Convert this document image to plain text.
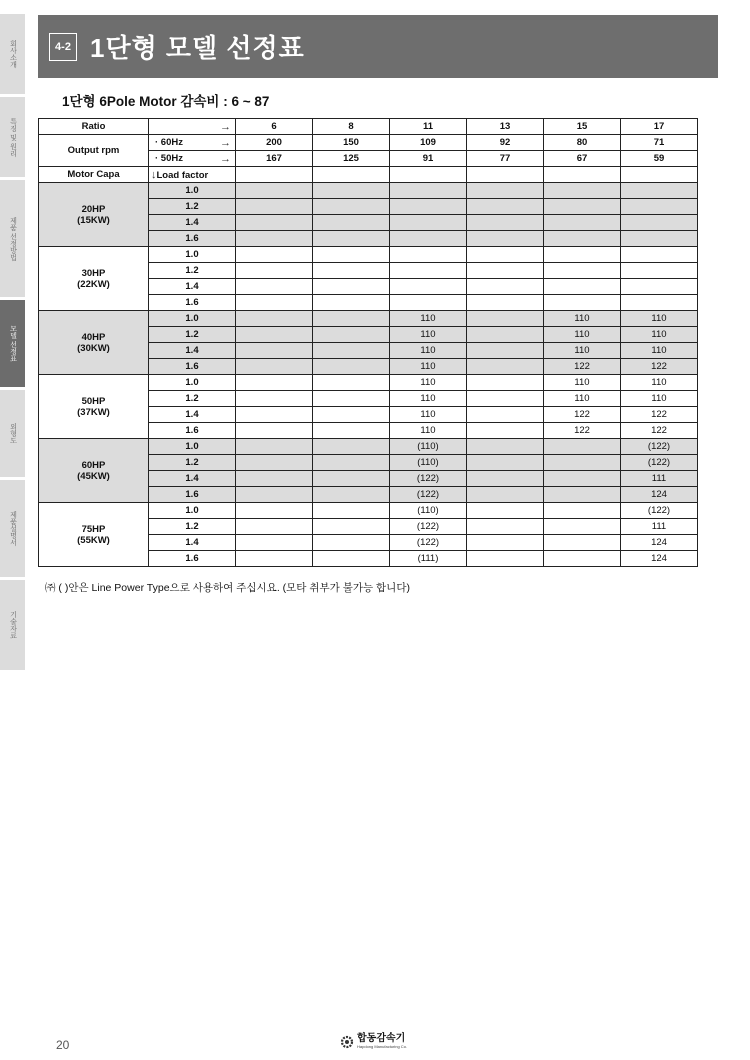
회사소개
특징 및 원리
제품 선정방법
모델 선정표
외형도
제품설명서
기술자료
4-2 1단형 모델 선정표
1단형 6Pole Motor 감속비 : 6 ~ 87
Ratio	→	6	8	11	13	15	17
Output rpm	· 60Hz →	200	150	109	92	80	71
	· 50Hz →	167	125	91	77	67	59
Motor Capa	↓Load factor						

20HP
(15KW)	1.0						
	1.2						
	1.4						
	1.6						

30HP
(22KW)	1.0						
	1.2						
	1.4						
	1.6						

40HP
(30KW)	1.0			110		110	110
	1.2			110		110	110
	1.4			110		110	110
	1.6			110		122	122

50HP
(37KW)	1.0			110		110	110
	1.2			110		110	110
	1.4			110		122	122
	1.6			110		122	122

60HP
(45KW)	1.0			(110)			(122)
	1.2			(110)			(122)
	1.4			(122)			111
	1.6			(122)			124

75HP
(55KW)	1.0			(110)			(122)
	1.2			(122)			111
	1.4			(122)			124
	1.6			(111)			124
㈜ ( )안은 Line Power Type으로 사용하여 주십시요. (모타 취부가 불가능 합니다)
20	합동감속기
Hapdong Manufacturing Co.
